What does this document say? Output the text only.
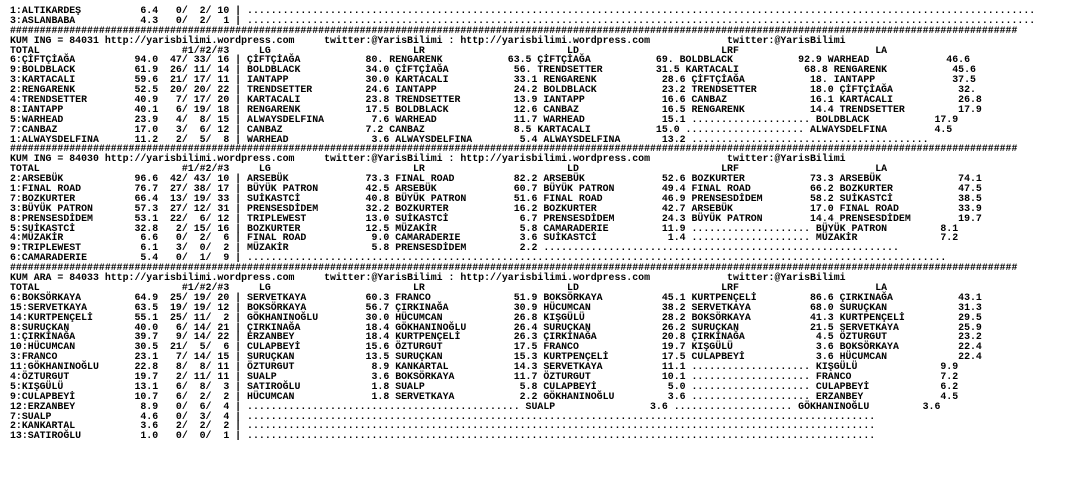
1:ALTIKARDEŞ          6.4   0/  2/ 10 | .....................................................................................................................................
3:ASLANBABA           4.3   0/  2/  1 | .....................................................................................................................................
##########################################################################################################################################################################
KUM ING = 84031 http://yarisbilimi.wordpress.com     twitter:@YarisBilimi : http://yarisbilimi.wordpress.com             twitter:@YarisBilimi
TOTAL                        #1/#2/#3     LG                        LR                        LD                        LRF                       LA
6:ÇİFTÇİAĞA          94.0  47/ 33/ 16 | ÇİFTÇİAĞA           80. RENGARENK           63.5 ÇİFTÇİAĞA           69. BOLDBLACK           92.9 WARHEAD             46.6
9:BOLDBLACK          61.9  26/ 11/ 14 | BOLDBLACK           34.0 ÇİFTÇİAĞA           56. TRENDSETTER         31.5 KARTACALI           68.8 RENGARENK           45.6
3:KARTACALI          59.6  21/ 17/ 11 | IANTAPP             30.0 KARTACALI           33.1 RENGARENK           28.6 ÇİFTÇİAĞA           18. IANTAPP             37.5
2:RENGARENK          52.5  20/ 20/ 22 | TRENDSETTER         24.6 IANTAPP             24.2 BOLDBLACK           23.2 TRENDSETTER         18.0 ÇİFTÇİAĞA           32.
4:TRENDSETTER        40.9   7/ 17/ 20 | KARTACALI           23.8 TRENDSETTER         13.9 IANTAPP             16.6 CANBAZ              16.1 KARTACALI           26.8
8:IANTAPP            40.1   6/ 19/ 18 | RENGARENK           17.5 BOLDBLACK           12.6 CANBAZ              16.5 RENGARENK           14.4 TRENDSETTER         17.9
5:WARHEAD            23.9   4/  8/ 15 | ALWAYSDELFINA        7.6 WARHEAD             11.7 WARHEAD             15.1 .................... BOLDBLACK           17.9
7:CANBAZ             17.0   3/  6/ 12 | CANBAZ              7.2 CANBAZ               8.5 KARTACALI           15.0 .................... ALWAYSDELFINA        4.5
1:ALWAYSDELFINA      11.2   2/  5/  8 | WARHEAD              3.6 ALWAYSDELFINA        5.4 ALWAYSDELFINA       13.2 ........................................
##########################################################################################################################################################################
KUM ING = 84030 http://yarisbilimi.wordpress.com     twitter:@YarisBilimi : http://yarisbilimi.wordpress.com             twitter:@YarisBilimi
TOTAL                        #1/#2/#3     LG                        LR                        LD                        LRF                       LA
2:ARSEBÜK            96.6  42/ 43/ 10 | ARSEBÜK             73.3 FINAL ROAD          82.2 ARSEBÜK             52.6 BOZKURTER           73.3 ARSEBÜK             74.1
1:FINAL ROAD         76.7  27/ 38/ 17 | BÜYÜK PATRON        42.5 ARSEBÜK             60.7 BÜYÜK PATRON        49.4 FINAL ROAD          66.2 BOZKURTER           47.5
7:BOZKURTER          66.4  13/ 19/ 33 | SUİKASTCİ           40.8 BÜYÜK PATRON        51.6 FINAL ROAD          46.9 PRENSESDİDEM        58.2 SUİKASTCİ           38.5
3:BÜYÜK PATRON       57.3  27/ 12/ 31 | PRENSESDİDEM        32.2 BOZKURTER           16.2 BOZKURTER           42.7 ARSEBÜK             17.0 FINAL ROAD          33.9
8:PRENSESDİDEM       53.1  22/  6/ 12 | TRIPLEWEST          13.0 SUİKASTCİ            6.7 PRENSESDİDEM        24.3 BÜYÜK PATRON        14.4 PRENSESDİDEM        19.7
5:SUİKASTCİ          32.8   2/ 15/ 16 | BOZKURTER           12.5 MÜZAKİR              5.8 CAMARADERIE         11.9 .................... BÜYÜK PATRON         8.1
4:MÜZAKİR             6.6   0/  2/  6 | FINAL ROAD           9.0 CAMARADERIE          3.6 SUİKASTCİ            1.4 .................... MÜZAKİR              7.2
9:TRIPLEWEST          6.1   3/  0/  2 | MÜZAKİR              5.8 PRENSESDİDEM         2.2 ............................................................
6:CAMARADERIE         5.4   0/  1/  9 | ......................................................................................................................
##########################################################################################################################################################################
KUM ARA = 84033 http://yarisbilimi.wordpress.com     twitter:@YarisBilimi : http://yarisbilimi.wordpress.com             twitter:@YarisBilimi
TOTAL                        #1/#2/#3     LG                        LR                        LD                        LRF                       LA
6:BOKSÖRKAYA         64.9  25/ 19/ 20 | SERVETKAYA          60.3 FRANCO              51.9 BOKSÖRKAYA          45.1 KURTPENÇELİ         86.6 ÇIRKINAĞA           43.1
15:SERVETKAYA        63.5  19/ 19/ 12 | BOKSÖRKAYA          56.7 ÇIRKINAĞA           30.9 HÜCUMCAN            38.2 SERVETKAYA          68.0 SURUÇKAN            31.3
14:KURTPENÇELİ       55.1  25/ 11/  2 | GÖKHANINOĞLU        30.0 HÜCUMCAN            26.8 KIŞGÜLÜ             28.2 BOKSÖRKAYA          41.3 KURTPENÇELİ         29.5
8:SURUÇKAN           40.0   6/ 14/ 21 | ÇIRKINAĞA           18.4 GÖKHANINOĞLU        26.4 SURUÇKAN            26.2 SURUÇKAN            21.5 SERVETKAYA          25.9
1:ÇIRKINAĞA          39.7   9/ 14/ 22 | ERZANBEY            18.4 KURTPENÇELİ         26.3 ÇIRKINAĞA           20.8 ÇIRKINAĞA            4.5 ÖZTURGUT            23.2
10:HÜCUMCAN          30.5  21/  5/  6 | CULAPBEYİ           15.6 ÖZTURGUT            17.5 FRANCO              19.7 KIŞGÜLÜ              3.6 BOKSÖRKAYA          22.4
3:FRANCO             23.1   7/ 14/ 15 | SURUÇKAN            13.5 SURUÇKAN            15.3 KURTPENÇELİ         17.5 CULAPBEYİ            3.6 HÜCUMCAN            22.4
11:GÖKHANINOĞLU      22.8   8/  8/ 11 | ÖZTURGUT             8.9 KANKARTAL           14.3 SERVETKAYA          11.1 .................... KIŞGÜLÜ              9.9
4:ÖZTURGUT           19.7   2/ 11/ 11 | SUALP                3.6 BOKSÖRKAYA          11.7 ÖZTURGUT            10.1 .................... FRANCO               7.2
5:KIŞGÜLÜ            13.1   6/  8/  3 | SATIROĞLU            1.8 SUALP                5.8 CULAPBEYİ            5.0 .................... CULAPBEYİ            6.2
9:CULAPBEYİ          10.7   6/  2/  2 | HÜCUMCAN             1.8 SERVETKAYA           2.2 GÖKHANINOĞLU         3.6 .................... ERZANBEY             4.5
12:ERZANBEY           8.9   0/  6/  4 | .............................................. SUALP                3.6 .................... GÖKHANINOĞLU         3.6
7:SUALP               4.6   0/  3/  4 | ..........................................................................................................
2:KANKARTAL           3.6   2/  2/  2 | ..........................................................................................................
13:SATIROĞLU          1.0   0/  0/  1 | ..........................................................................................................
